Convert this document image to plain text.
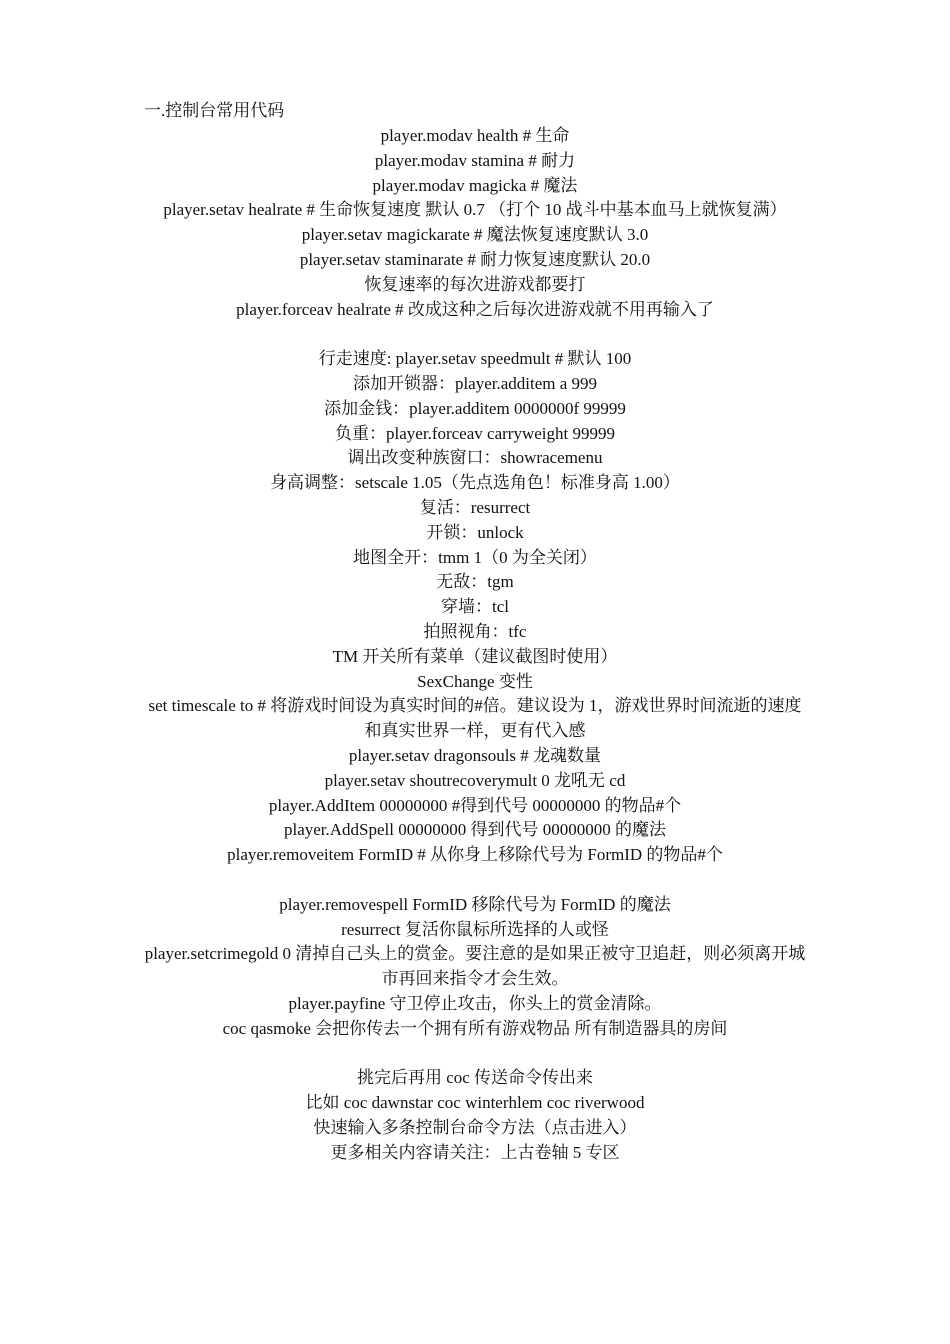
一.控制台常用代码
player.modav health # 生命
player.modav stamina # 耐力
player.modav magicka # 魔法
player.setav healrate # 生命恢复速度 默认 0.7 （打个 10 战斗中基本血马上就恢复满）
player.setav magickarate # 魔法恢复速度默认 3.0
player.setav staminarate # 耐力恢复速度默认 20.0
恢复速率的每次进游戏都要打
player.forceav healrate # 改成这种之后每次进游戏就不用再输入了
行走速度: player.setav speedmult # 默认 100
添加开锁器：player.additem a 999
添加金钱：player.additem 0000000f 99999
负重：player.forceav carryweight 99999
调出改变种族窗口：showracemenu
身高调整：setscale 1.05（先点选角色！标准身高 1.00）
复活：resurrect
开锁：unlock
地图全开：tmm 1（0 为全关闭）
无敌：tgm
穿墙：tcl
拍照视角：tfc
TM 开关所有菜单（建议截图时使用）
SexChange 变性
set timescale to # 将游戏时间设为真实时间的#倍。建议设为 1，游戏世界时间流逝的速度和真实世界一样，更有代入感
player.setav dragonsouls # 龙魂数量
player.setav shoutrecoverymult 0 龙吼无 cd
player.AddItem 00000000 #得到代号 00000000 的物品#个
player.AddSpell 00000000 得到代号 00000000 的魔法
player.removeitem FormID # 从你身上移除代号为 FormID 的物品#个
player.removespell FormID 移除代号为 FormID 的魔法
resurrect 复活你鼠标所选择的人或怪
player.setcrimegold 0 清掉自己头上的赏金。要注意的是如果正被守卫追赶，则必须离开城市再回来指令才会生效。
player.payfine 守卫停止攻击，你头上的赏金清除。
coc qasmoke 会把你传去一个拥有所有游戏物品 所有制造器具的房间
挑完后再用 coc 传送命令传出来
比如 coc dawnstar coc winterhlem coc riverwood
快速输入多条控制台命令方法（点击进入）
更多相关内容请关注：上古卷轴 5 专区
